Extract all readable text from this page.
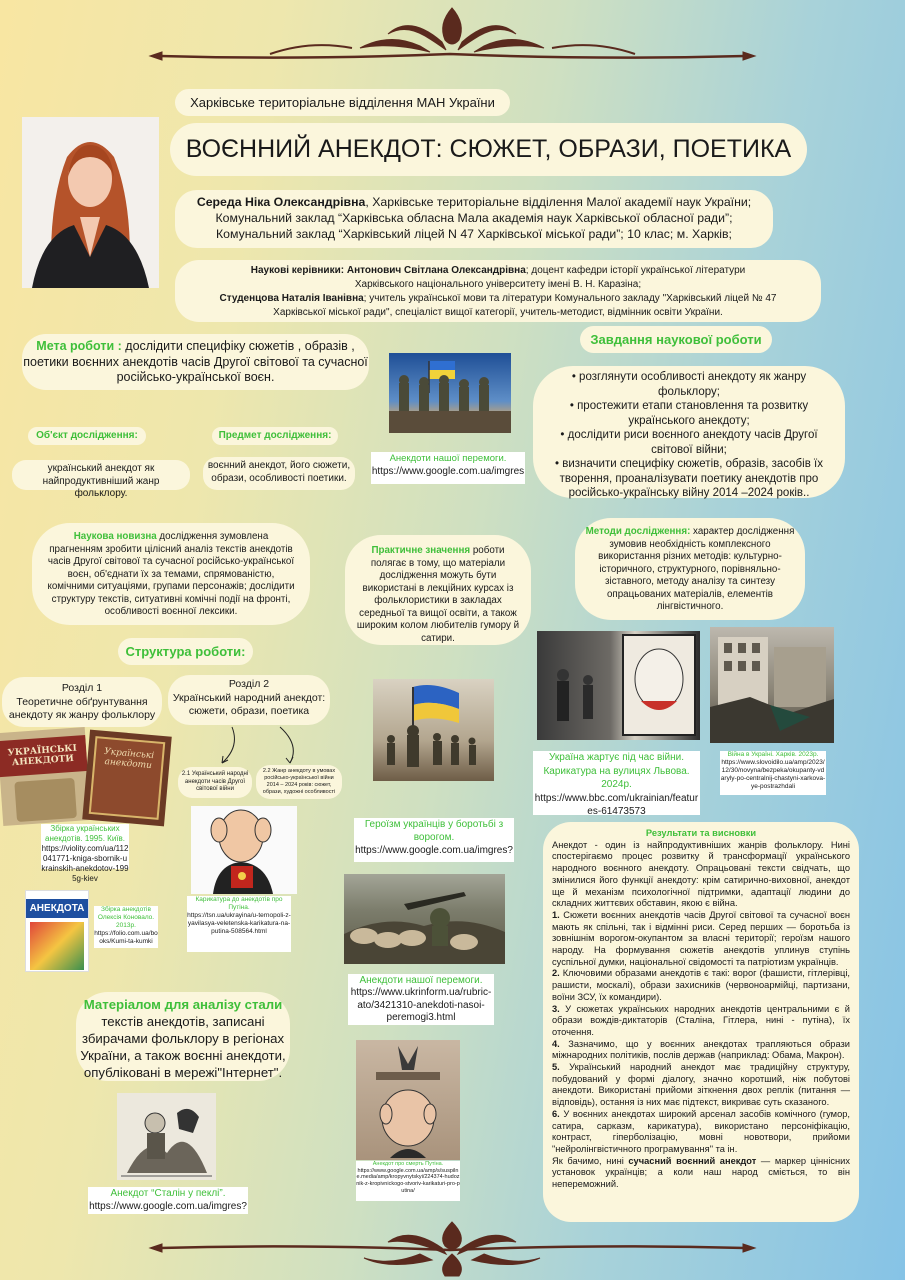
Харківське територіальне відділення МАН України
ВОЄННИЙ АНЕКДОТ: СЮЖЕТ, ОБРАЗИ, ПОЕТИКА
Середа Ніка Олександрівна, Харківське територіальне відділення Малої академії наук України;
Комунальний заклад “Харківська обласна Мала академія наук Харківської обласної ради”;
Комунальний заклад “Харківський ліцей N 47 Харківської міської ради”; 10 клас; м. Харків;
Наукові керівники: Антонович Світлана Олександрівна; доцент кафедри історії української літератури
Харківського національного університету імені В. Н. Каразіна;
Студенцова Наталія Іванівна; учитель української мови та літератури Комунального закладу "Харківський ліцей № 47
Харківської міської ради", спеціаліст вищої категорії, учитель-методист, відмінник освіти України.
Мета роботи : дослідити специфіку сюжетів , образів ,
поетики воєнних анекдотів часів Другої світової та сучасної
російсько-української воєн.
Об'єкт дослідження:
український анекдот як найпродуктивніший жанр фольклору.
Предмет дослідження:
воєнний анекдот, його сюжети, образи, особливості поетики.
Анекдоти нашої перемоги.
https://www.google.com.ua/imgres
Завдання наукової роботи
• розглянути особливості анекдоту як жанру фольклору;
• простежити етапи становлення та розвитку українського анекдоту;
• дослідити риси воєнного анекдоту часів Другої світової війни;
• визначити специфіку сюжетів, образів, засобів їх творення, проаналізувати поетику анекдотів про російсько-українську війну 2014 –2024 років..
Наукова новизна дослідження зумовлена прагненням зробити цілісний аналіз текстів анекдотів часів Другої світової та сучасної російсько-української воєн, об'єднати їх за темами, спрямованістю, комічними ситуаціями, групами персонажів; дослідити структуру текстів, ситуативні комічні події на фронті, особливості воєнної лексики.
Практичне значення роботи полягає в тому, що матеріали дослідження можуть бути використані в лекційних курсах із фольклористики в закладах середньої та вищої освіти, а також широким колом любителів гумору й сатири.
Методи дослідження: характер дослідження зумовив необхідність комплексного використання різних методів: культурно-історичного, структурного, порівняльно-зіставного, методу аналізу та синтезу опрацьованих матеріалів, елементів лінгвістичного.
Структура роботи:
Розділ 1
Теоретичне обґрунтування анекдоту як жанру фольклору
Розділ 2
Український народний анекдот: сюжети, образи, поетика
2.1 Український народні анекдоти часів Другої світової війни
2.2 Жанр анекдоту в умовах російсько-української війни 2014 – 2024 років: сюжет, образи, художні особливості
УКРАЇНСЬКІ АНЕКДОТИ	Українські анекдоти
Збірка українських анекдотів. 1995. Київ.
https://violity.com/ua/112041771-kniga-sbornik-ukrainskih-anekdotov-1995g-kiev
АНЕКДОТА	Збірка анекдотів Олексія Коновало. 2013р.
https://folio.com.ua/books/Kumi-ta-kumki
Карикатура до анекдотів про Путіна.
https://tsn.ua/ukrayina/u-ternopoli-z-yavilasya-veletenska-karikatura-na-putina-508564.html
Героїзм українців у боротьбі з ворогом.
https://www.google.com.ua/imgres?
Україна жартує під час війни. Карикатура на вулицях Львова. 2024р.
https://www.bbc.com/ukrainian/features-61473573
Війна в Україні. Харків. 2023р.
https://www.slovoidilo.ua/amp/2023/12/30/novyna/bezpeka/okupanty-vdaryly-po-centralnij-chastyni-xarkova-ye-postrazhdali
Анекдоти нашої перемоги.
https://www.ukrinform.ua/rubric-ato/3421310-anekdoti-nasoi-peremogi3.html
Матеріалом для аналізу стали
текстів анекдотів, записані збирачами фольклору в регіонах України, а також воєнні анекдоти, опубліковані в мережі"Інтернет".
Анекдот “Сталін у пеклі”.
https://www.google.com.ua/imgres?
Анекдот про смерть Путіна.
https://www.google.com.ua/amp/s/suspilne.media/amp/kropyvnytskyi/224374-hudoznik-z-kropivnickogo-stvoriv-karikaturi-pro-putina/
Результати та висновки
Анекдот - один із найпродуктивніших жанрів фольклору. Нині спостерігаємо процес розвитку й трансформації українського народного воєнного анекдоту. Опрацьовані тексти свідчать, що змінилися його функції анекдоту: крім сатирично-виховної, анекдот ще й механізм психологічної підтримки, адаптації людини до складних життєвих обставин, якою є війна.
1. Сюжети воєнних анекдотів часів Другої світової та сучасної воєн мають як спільні, так і відмінні риси. Серед перших — боротьба із зовнішнім ворогом-окупантом за власні території; героїзм нашого народу. На формування сюжетів анекдотів уплинув ступінь суспільної думки, національної свідомості та патріотизм українців.
2. Ключовими образами анекдотів є такі: ворог (фашисти, гітлерівці, рашисти, москалі), образи захисників (червоноармійці, партизани, воїни ЗСУ, їх командири).
3. У сюжетах українських народних анекдотів центральними є й образи вождів-диктаторів (Сталіна, Гітлера, нині - путіна), їх оточення.
4. Зазначимо, що у воєнних анекдотах трапляються образи міжнародних політиків, послів держав (наприклад: Обама, Макрон).
5. Український народний анекдот має традиційну структуру, побудований у формі діалогу, значно коротший, ніж побутові анекдоти. Використані прийоми зіткнення двох реплік (питання — відповідь), остання із них має підтекст, викриває суть сказаного.
6. У воєнних анекдотах широкий арсенал засобів комічного (гумор, сатира, сарказм, карикатура), використано персоніфікацію, контраст, гіперболізацію, мовні новотвори, прийоми "нейролінгвістичного програмування" та ін.
Як бачимо, нині сучасний воєнний анекдот — маркер ціннісних установок українців; а коли наш народ сміється, то він непереможний.
